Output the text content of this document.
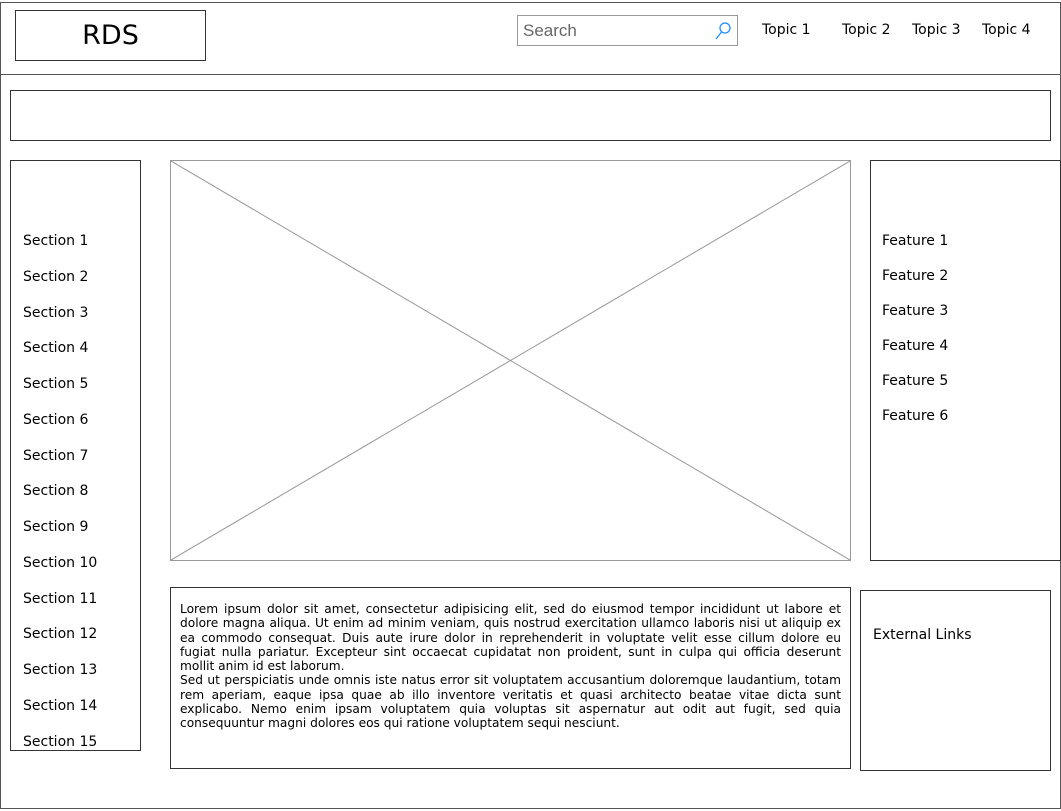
RDS
Search	Topic 1 Topic 2 Topic 3 Topic 4
Section 1
Section 2
Section 3
Section 4
Section 5
Section 6
Section 7
Section 8
Section 9
Section 10
Section 11
Section 12
Section 13
Section 14
Section 15
Feature 1
Feature 2
Feature 3
Feature 4
Feature 5
Feature 6

Lorem ipsum dolor sit amet, consectetur adipisicing elit, sed do eiusmod tempor incididunt ut labore et dolore magna aliqua. Ut enim ad minim veniam, quis nostrud exercitation ullamco laboris nisi ut aliquip ex ea commodo consequat. Duis aute irure dolor in reprehenderit in voluptate velit esse cillum dolore eu fugiat nulla pariatur. Excepteur sint occaecat cupidatat non proident, sunt in culpa qui officia deserunt mollit anim id est laborum.

Sed ut perspiciatis unde omnis iste natus error sit voluptatem accusantium doloremque laudantium, totam rem aperiam, eaque ipsa quae ab illo inventore veritatis et quasi architecto beatae vitae dicta sunt explicabo. Nemo enim ipsam voluptatem quia voluptas sit aspernatur aut odit aut fugit, sed quia consequuntur magni dolores eos qui ratione voluptatem sequi nesciunt.

External Links
